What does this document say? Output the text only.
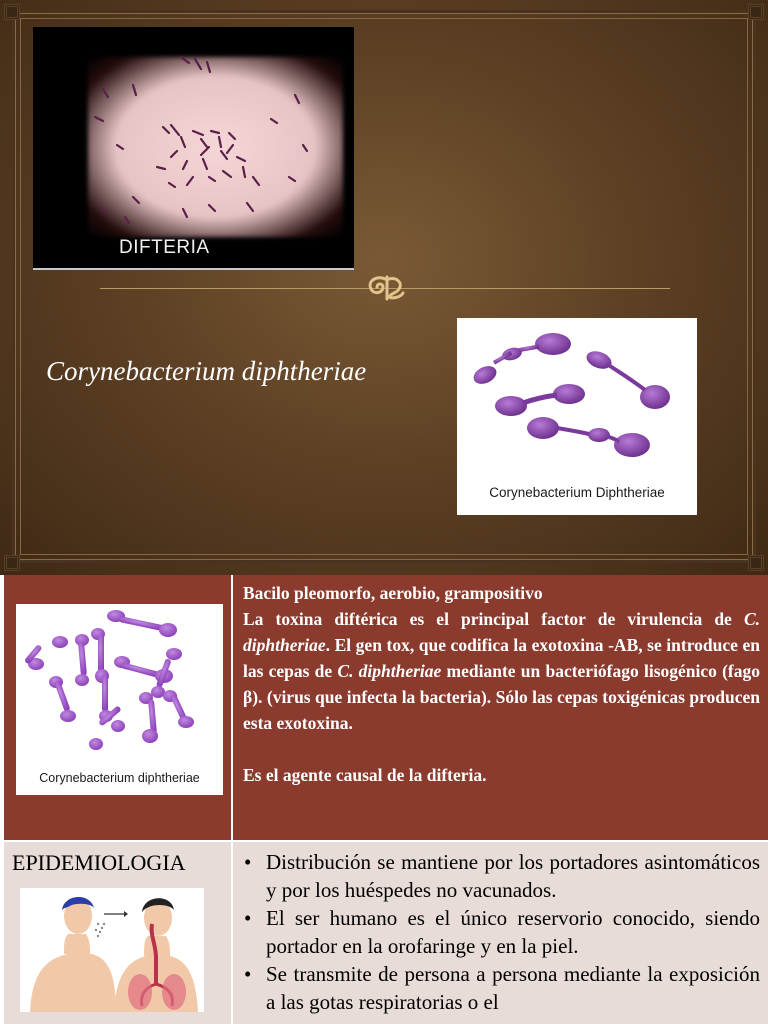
DIFTERIA
Corynebacterium diphtheriae
Corynebacterium Diphtheriae
Corynebacterium diphtheriae
Bacilo pleomorfo, aerobio, grampositivo
La toxina diftérica es el principal factor de virulencia de C. diphtheriae. El gen tox, que codifica la exotoxina -AB, se introduce en las cepas de C. diphtheriae mediante un bacteriófago lisogénico (fago β). (virus que infecta la bacteria). Sólo las cepas toxigénicas producen esta exotoxina.
Es el agente causal de la difteria.
EPIDEMIOLOGIA
•	Distribución se mantiene por los portadores asintomáticos y por los huéspedes no vacunados.
• El ser humano es el único reservorio conocido, siendo portador en la orofaringe y en la piel.
• Se transmite de persona a persona mediante la exposición a las gotas respiratorias o el
